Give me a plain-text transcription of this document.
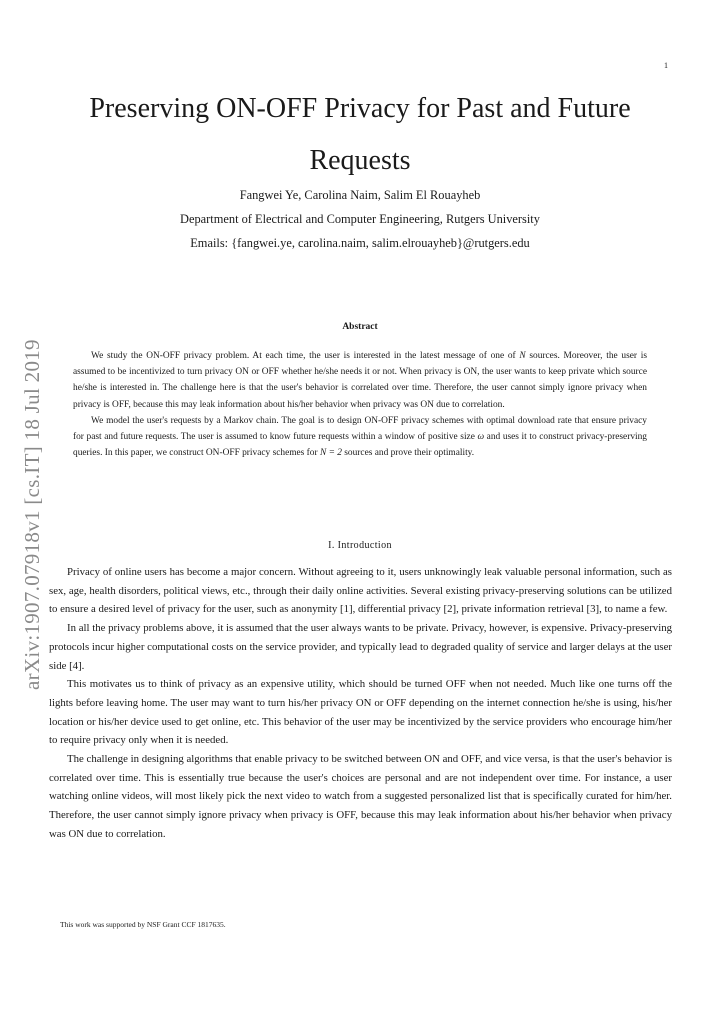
1
arXiv:1907.07918v1 [cs.IT] 18 Jul 2019
Preserving ON-OFF Privacy for Past and Future
Requests
Fangwei Ye, Carolina Naim, Salim El Rouayheb
Department of Electrical and Computer Engineering, Rutgers University
Emails: {fangwei.ye, carolina.naim, salim.elrouayheb}@rutgers.edu
Abstract

We study the ON-OFF privacy problem. At each time, the user is interested in the latest message of one of N sources. Moreover, the user is assumed to be incentivized to turn privacy ON or OFF whether he/she needs it or not. When privacy is ON, the user wants to keep private which source he/she is interested in. The challenge here is that the user's behavior is correlated over time. Therefore, the user cannot simply ignore privacy when privacy is OFF, because this may leak information about his/her behavior when privacy was ON due to correlation.

We model the user's requests by a Markov chain. The goal is to design ON-OFF privacy schemes with optimal download rate that ensure privacy for past and future requests. The user is assumed to know future requests within a window of positive size ω and uses it to construct privacy-preserving queries. In this paper, we construct ON-OFF privacy schemes for N = 2 sources and prove their optimality.

I. Introduction

Privacy of online users has become a major concern. Without agreeing to it, users unknowingly leak valuable personal information, such as sex, age, health disorders, political views, etc., through their daily online activities. Several existing privacy-preserving solutions can be utilized to ensure a desired level of privacy for the user, such as anonymity [1], differential privacy [2], private information retrieval [3], to name a few.

In all the privacy problems above, it is assumed that the user always wants to be private. Privacy, however, is expensive. Privacy-preserving protocols incur higher computational costs on the service provider, and typically lead to degraded quality of service and larger delays at the user side [4].

This motivates us to think of privacy as an expensive utility, which should be turned OFF when not needed. Much like one turns off the lights before leaving home. The user may want to turn his/her privacy ON or OFF depending on the internet connection he/she is using, his/her location or his/her device used to get online, etc. This behavior of the user may be incentivized by the service providers who encourage him/her to require privacy only when it is needed.

The challenge in designing algorithms that enable privacy to be switched between ON and OFF, and vice versa, is that the user's behavior is correlated over time. This is essentially true because the user's choices are personal and are not independent over time. For instance, a user watching online videos, will most likely pick the next video to watch from a suggested personalized list that is specifically curated for him/her. Therefore, the user cannot simply ignore privacy when privacy is OFF, because this may leak information about his/her behavior when privacy was ON due to correlation.

This work was supported by NSF Grant CCF 1817635.
